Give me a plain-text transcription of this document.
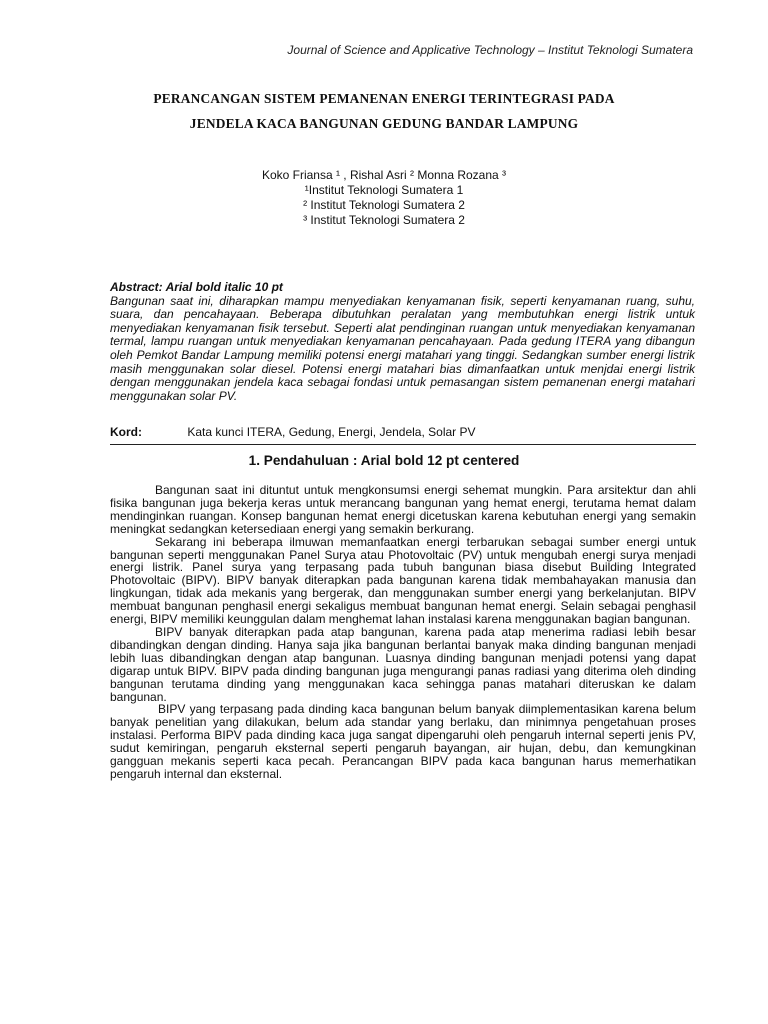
Journal of Science and Applicative Technology – Institut Teknologi Sumatera
PERANCANGAN SISTEM PEMANENAN ENERGI TERINTEGRASI PADA
JENDELA KACA BANGUNAN GEDUNG BANDAR LAMPUNG
Koko Friansa ¹ , Rishal Asri ² Monna Rozana ³
¹Institut Teknologi Sumatera 1
² Institut Teknologi Sumatera 2
³ Institut Teknologi Sumatera 2
Abstract: Arial bold italic 10 pt
Bangunan saat ini, diharapkan mampu menyediakan kenyamanan fisik, seperti kenyamanan ruang, suhu, suara, dan pencahayaan. Beberapa dibutuhkan peralatan yang membutuhkan energi listrik untuk menyediakan kenyamanan fisik tersebut. Seperti alat pendinginan ruangan untuk menyediakan kenyamanan termal, lampu ruangan untuk menyediakan kenyamanan pencahayaan. Pada gedung ITERA yang dibangun oleh Pemkot Bandar Lampung memiliki potensi energi matahari yang tinggi. Sedangkan sumber energi listrik masih menggunakan solar diesel. Potensi energi matahari bias dimanfaatkan untuk menjdai energi listrik dengan menggunakan jendela kaca sebagai fondasi untuk pemasangan sistem pemanenan energi matahari menggunakan solar PV.
Kord:	Kata kunci ITERA, Gedung, Energi, Jendela, Solar PV
1. Pendahuluan : Arial bold 12 pt centered

Bangunan saat ini dituntut untuk mengkonsumsi energi sehemat mungkin. Para arsitektur dan ahli fisika bangunan juga bekerja keras untuk merancang bangunan yang hemat energi, terutama hemat dalam mendinginkan ruangan. Konsep bangunan hemat energi dicetuskan karena kebutuhan energi yang semakin meningkat sedangkan ketersediaan energi yang semakin berkurang.

Sekarang ini beberapa ilmuwan memanfaatkan energi terbarukan sebagai sumber energi untuk bangunan seperti menggunakan Panel Surya atau Photovoltaic (PV) untuk mengubah energi surya menjadi energi listrik. Panel surya yang terpasang pada tubuh bangunan biasa disebut Building Integrated Photovoltaic (BIPV). BIPV banyak diterapkan pada bangunan karena tidak membahayakan manusia dan lingkungan, tidak ada mekanis yang bergerak, dan menggunakan sumber energi yang berkelanjutan. BIPV membuat bangunan penghasil energi sekaligus membuat bangunan hemat energi. Selain sebagai penghasil energi, BIPV memiliki keunggulan dalam menghemat lahan instalasi karena menggunakan bagian bangunan.

BIPV banyak diterapkan pada atap bangunan, karena pada atap menerima radiasi lebih besar dibandingkan dengan dinding. Hanya saja jika bangunan berlantai banyak maka dinding bangunan menjadi lebih luas dibandingkan dengan atap bangunan. Luasnya dinding bangunan menjadi potensi yang dapat digarap untuk BIPV. BIPV pada dinding bangunan juga mengurangi panas radiasi yang diterima oleh dinding bangunan terutama dinding yang menggunakan kaca sehingga panas matahari diteruskan ke dalam bangunan.

BIPV yang terpasang pada dinding kaca bangunan belum banyak diimplementasikan karena belum banyak penelitian yang dilakukan, belum ada standar yang berlaku, dan minimnya pengetahuan proses instalasi. Performa BIPV pada dinding kaca juga sangat dipengaruhi oleh pengaruh internal seperti jenis PV, sudut kemiringan, pengaruh eksternal seperti pengaruh bayangan, air hujan, debu, dan kemungkinan gangguan mekanis seperti kaca pecah. Perancangan BIPV pada kaca bangunan harus memerhatikan pengaruh internal dan eksternal.
